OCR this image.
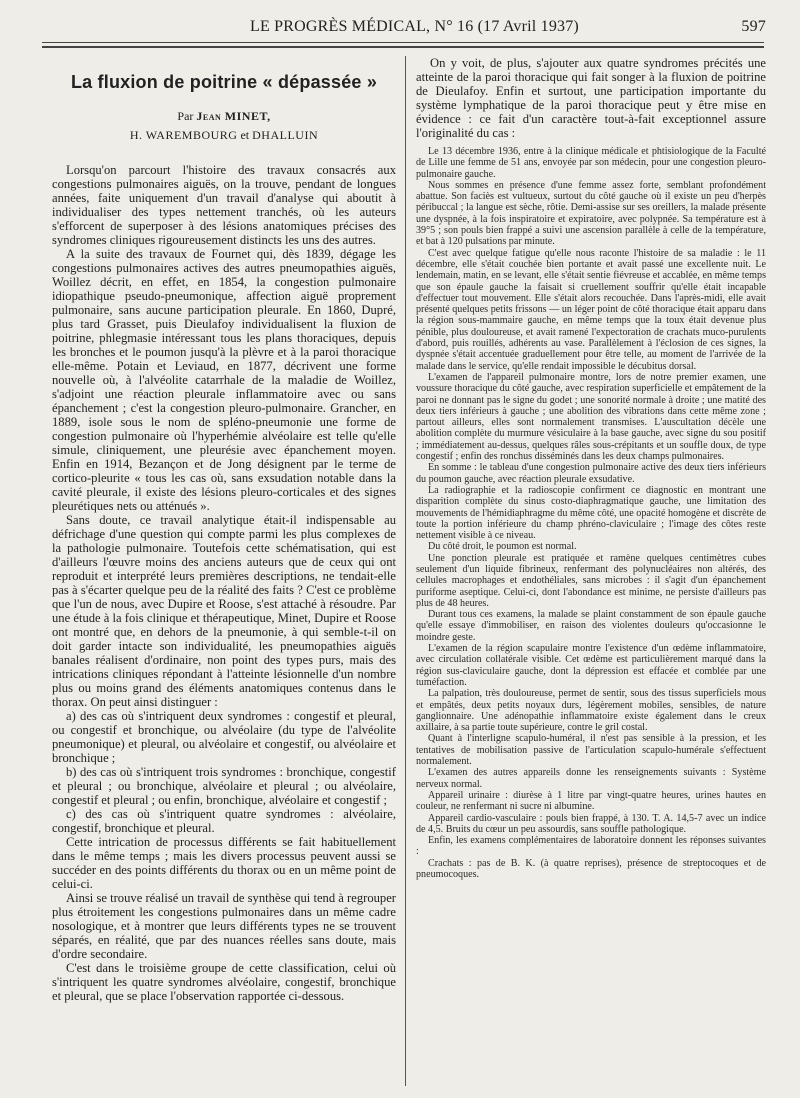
LE PROGRÈS MÉDICAL, N° 16 (17 Avril 1937)	597
La fluxion de poitrine « dépassée »
Par Jean MINET,
H. WAREMBOURG et DHALLUIN

Lorsqu'on parcourt l'histoire des travaux consacrés aux congestions pulmonaires aiguës, on la trouve, pendant de longues années, faite uniquement d'un travail d'analyse qui aboutit à individualiser des types nettement tranchés, où les auteurs s'efforcent de superposer à des lésions anatomiques précises des syndromes cliniques rigoureusement distincts les uns des autres.

A la suite des travaux de Fournet qui, dès 1839, dégage les congestions pulmonaires actives des autres pneumopathies aiguës, Woillez décrit, en effet, en 1854, la congestion pulmonaire idiopathique pseudo-pneumonique, affection aiguë proprement pulmonaire, sans aucune participation pleurale. En 1860, Dupré, plus tard Grasset, puis Dieulafoy individualisent la fluxion de poitrine, phlegmasie intéressant tous les plans thoraciques, depuis les bronches et le poumon jusqu'à la plèvre et à la paroi thoracique elle-même. Potain et Leviaud, en 1877, décrivent une forme nouvelle où, à l'alvéolite catarrhale de la maladie de Woillez, s'adjoint une réaction pleurale inflammatoire avec ou sans épanchement ; c'est la congestion pleuro-pulmonaire. Grancher, en 1889, isole sous le nom de spléno-pneumonie une forme de congestion pulmonaire où l'hyperhémie alvéolaire est telle qu'elle simule, cliniquement, une pleurésie avec épanchement moyen. Enfin en 1914, Bezançon et de Jong désignent par le terme de cortico-pleurite « tous les cas où, sans exsudation notable dans la cavité pleurale, il existe des lésions pleuro-corticales et des signes pleurétiques nets ou atténués ».

Sans doute, ce travail analytique était-il indispensable au défrichage d'une question qui compte parmi les plus complexes de la pathologie pulmonaire. Toutefois cette schématisation, qui est d'ailleurs l'œuvre moins des anciens auteurs que de ceux qui ont reproduit et interprété leurs premières descriptions, ne tendait-elle pas à s'écarter quelque peu de la réalité des faits ? C'est ce problème que l'un de nous, avec Dupire et Roose, s'est attaché à résoudre. Par une étude à la fois clinique et thérapeutique, Minet, Dupire et Roose ont montré que, en dehors de la pneumonie, à qui semble-t-il on doit garder intacte son individualité, les pneumopathies aiguës banales réalisent d'ordinaire, non point des types purs, mais des intrications cliniques répondant à l'atteinte lésionnelle d'un nombre plus ou moins grand des éléments anatomiques contenus dans le thorax. On peut ainsi distinguer :

a) des cas où s'intriquent deux syndromes : congestif et pleural, ou congestif et bronchique, ou alvéolaire (du type de l'alvéolite pneumonique) et pleural, ou alvéolaire et congestif, ou alvéolaire et bronchique ;

b) des cas où s'intriquent trois syndromes : bronchique, congestif et pleural ; ou bronchique, alvéolaire et pleural ; ou alvéolaire, congestif et pleural ; ou enfin, bronchique, alvéolaire et congestif ;

c) des cas où s'intriquent quatre syndromes : alvéolaire, congestif, bronchique et pleural.

Cette intrication de processus différents se fait habituellement dans le même temps ; mais les divers processus peuvent aussi se succéder en des points différents du thorax ou en un même point de celui-ci.

Ainsi se trouve réalisé un travail de synthèse qui tend à regrouper plus étroitement les congestions pulmonaires dans un même cadre nosologique, et à montrer que leurs différents types ne se trouvent séparés, en réalité, que par des nuances réelles sans doute, mais d'ordre secondaire.

C'est dans le troisième groupe de cette classification, celui où s'intriquent les quatre syndromes alvéolaire, congestif, bronchique et pleural, que se place l'observation rapportée ci-dessous.

On y voit, de plus, s'ajouter aux quatre syndromes précités une atteinte de la paroi thoracique qui fait songer à la fluxion de poitrine de Dieulafoy. Enfin et surtout, une participation importante du système lymphatique de la paroi thoracique peut y être mise en évidence : ce fait d'un caractère tout-à-fait exceptionnel assure l'originalité du cas :

Le 13 décembre 1936, entre à la clinique médicale et phtisiologique de la Faculté de Lille une femme de 51 ans, envoyée par son médecin, pour une congestion pleuro-pulmonaire gauche.

Nous sommes en présence d'une femme assez forte, semblant profondément abattue. Son faciès est vultueux, surtout du côté gauche où il existe un peu d'herpès péribuccal ; la langue est sèche, rôtie. Demi-assise sur ses oreillers, la malade présente une dyspnée, à la fois inspiratoire et expiratoire, avec polypnée. Sa température est à 39°5 ; son pouls bien frappé a suivi une ascension parallèle à celle de la température, et bat à 120 pulsations par minute.

C'est avec quelque fatigue qu'elle nous raconte l'histoire de sa maladie : le 11 décembre, elle s'était couchée bien portante et avait passé une excellente nuit. Le lendemain, matin, en se levant, elle s'était sentie fiévreuse et accablée, en même temps que son épaule gauche la faisait si cruellement souffrir qu'elle était incapable d'effectuer tout mouvement. Elle s'était alors recouchée. Dans l'après-midi, elle avait présenté quelques petits frissons — un léger point de côté thoracique était apparu dans la région sous-mammaire gauche, en même temps que la toux était devenue plus pénible, plus douloureuse, et avait ramené l'expectoration de crachats muco-purulents d'abord, puis rouillés, adhérents au vase. Parallèlement à l'éclosion de ces signes, la dyspnée s'était accentuée graduellement pour être telle, au moment de l'arrivée de la malade dans le service, qu'elle rendait impossible le décubitus dorsal.

L'examen de l'appareil pulmonaire montre, lors de notre premier examen, une voussure thoracique du côté gauche, avec respiration superficielle et empâtement de la paroi ne donnant pas le signe du godet ; une sonorité normale à droite ; une matité des deux tiers inférieurs à gauche ; une abolition des vibrations dans cette même zone ; partout ailleurs, elles sont normalement transmises. L'auscultation décèle une abolition complète du murmure vésiculaire à la base gauche, avec signe du sou positif ; immédiatement au-dessus, quelques râles sous-crépitants et un souffle doux, de type congestif ; enfin des ronchus disséminés dans les deux champs pulmonaires.

En somme : le tableau d'une congestion pulmonaire active des deux tiers inférieurs du poumon gauche, avec réaction pleurale exsudative.

La radiographie et la radioscopie confirment ce diagnostic en montrant une disparition complète du sinus costo-diaphragmatique gauche, une limitation des mouvements de l'hémidiaphragme du même côté, une opacité homogène et discrète de toute la portion inférieure du champ phréno-claviculaire ; l'image des côtes reste nettement visible à ce niveau.

Du côté droit, le poumon est normal.

Une ponction pleurale est pratiquée et ramène quelques centimètres cubes seulement d'un liquide fibrineux, renfermant des polynucléaires non altérés, des cellules macrophages et endothéliales, sans microbes : il s'agit d'un épanchement puriforme aseptique. Celui-ci, dont l'abondance est minime, ne persiste d'ailleurs pas plus de 48 heures.

Durant tous ces examens, la malade se plaint constamment de son épaule gauche qu'elle essaye d'immobiliser, en raison des violentes douleurs qu'occasionne le moindre geste.

L'examen de la région scapulaire montre l'existence d'un œdème inflammatoire, avec circulation collatérale visible. Cet œdème est particulièrement marqué dans la région sus-claviculaire gauche, dont la dépression est effacée et comblée par une tuméfaction.

La palpation, très douloureuse, permet de sentir, sous des tissus superficiels mous et empâtés, deux petits noyaux durs, légèrement mobiles, sensibles, de nature ganglionnaire. Une adénopathie inflammatoire existe également dans le creux axillaire, à sa partie toute supérieure, contre le gril costal.

Quant à l'interligne scapulo-huméral, il n'est pas sensible à la pression, et les tentatives de mobilisation passive de l'articulation scapulo-humérale s'effectuent normalement.

L'examen des autres appareils donne les renseignements suivants : Système nerveux normal.

Appareil urinaire : diurèse à 1 litre par vingt-quatre heures, urines hautes en couleur, ne renfermant ni sucre ni albumine.

Appareil cardio-vasculaire : pouls bien frappé, à 130. T. A. 14,5-7 avec un indice de 4,5. Bruits du cœur un peu assourdis, sans souffle pathologique.

Enfin, les examens complémentaires de laboratoire donnent les réponses suivantes :

Crachats : pas de B. K. (à quatre reprises), présence de streptocoques et de pneumocoques.
